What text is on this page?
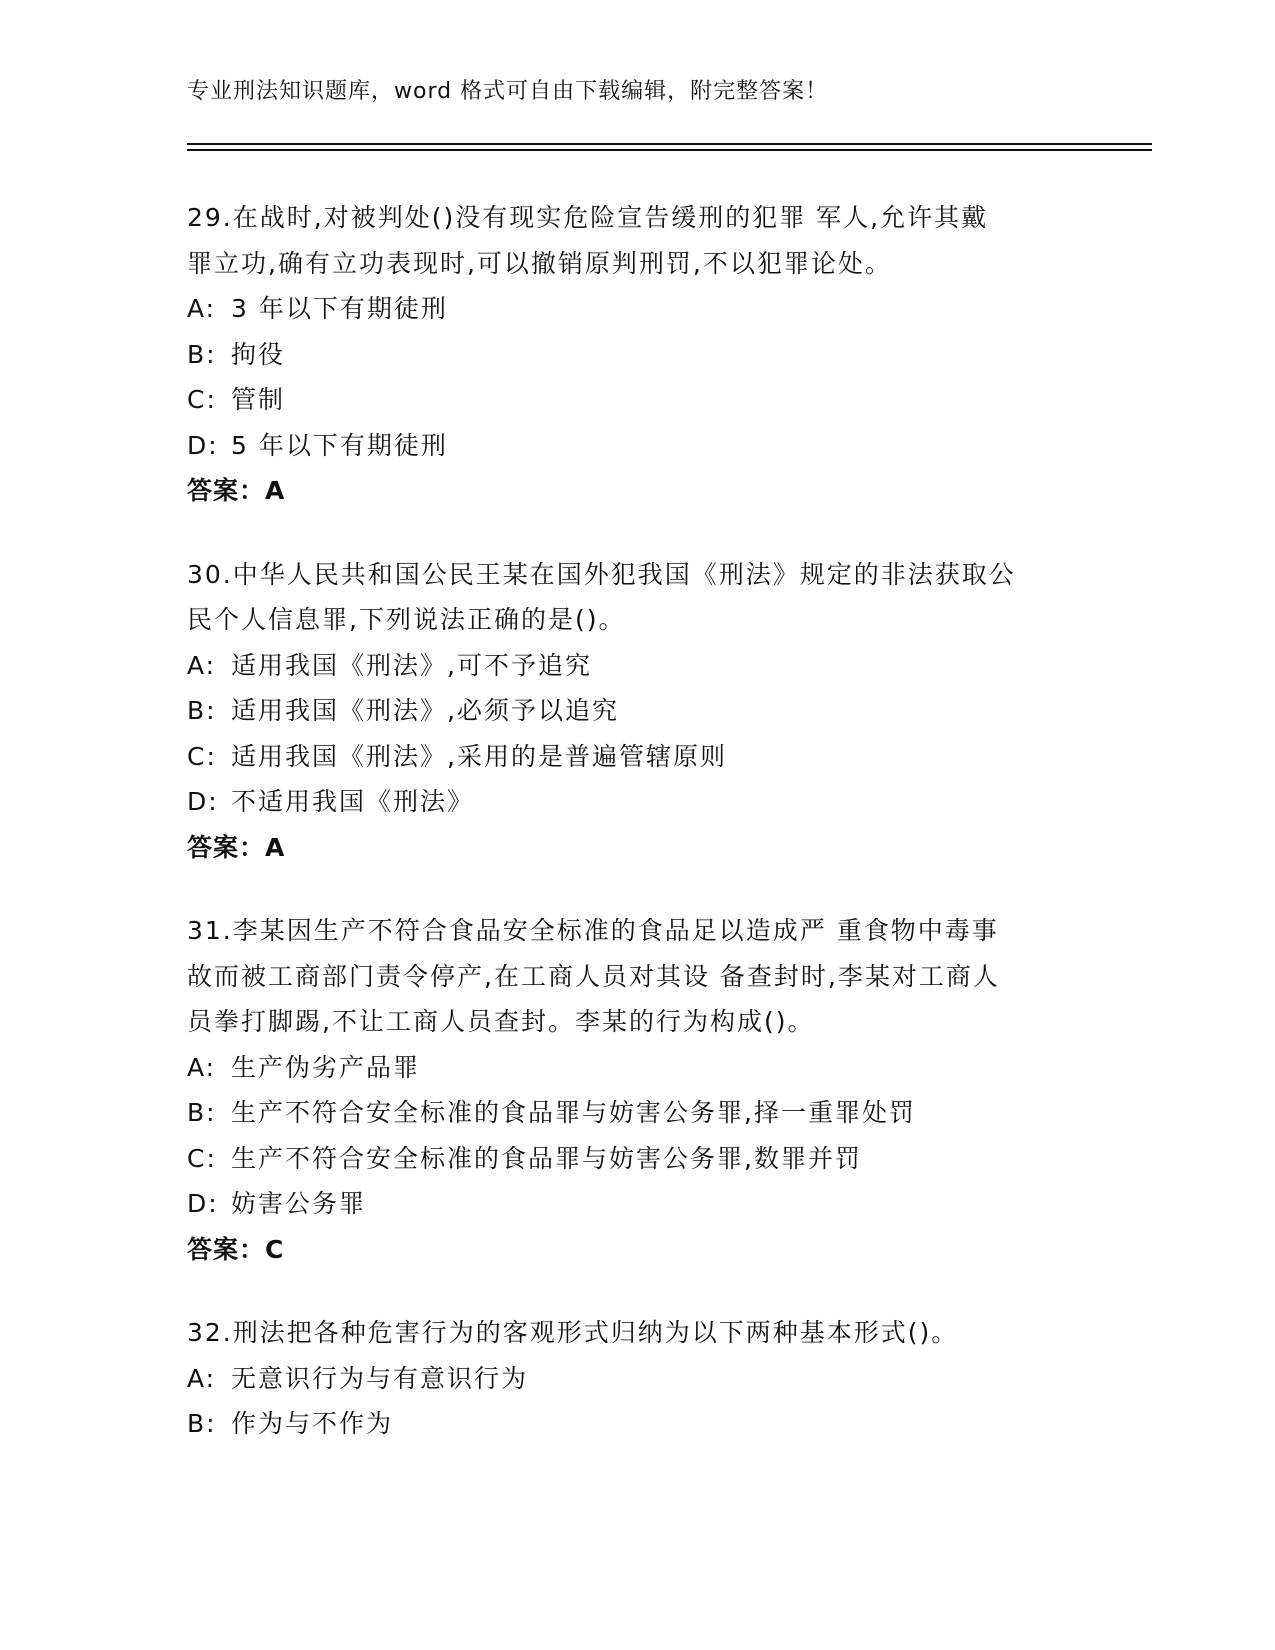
专业刑法知识题库，word 格式可自由下载编辑，附完整答案！

29.在战时,对被判处()没有现实危险宣告缓刑的犯罪 军人,允许其戴

罪立功,确有立功表现时,可以撤销原判刑罚,不以犯罪论处。

A: 3 年以下有期徒刑

B: 拘役

C: 管制

D: 5 年以下有期徒刑

答案：A

30.中华人民共和国公民王某在国外犯我国《刑法》规定的非法获取公

民个人信息罪,下列说法正确的是()。

A: 适用我国《刑法》,可不予追究

B: 适用我国《刑法》,必须予以追究

C: 适用我国《刑法》,采用的是普遍管辖原则

D: 不适用我国《刑法》

答案：A

31.李某因生产不符合食品安全标准的食品足以造成严 重食物中毒事

故而被工商部门责令停产,在工商人员对其设 备查封时,李某对工商人

员拳打脚踢,不让工商人员查封。李某的行为构成()。

A: 生产伪劣产品罪

B: 生产不符合安全标准的食品罪与妨害公务罪,择一重罪处罚

C: 生产不符合安全标准的食品罪与妨害公务罪,数罪并罚

D: 妨害公务罪

答案：C

32.刑法把各种危害行为的客观形式归纳为以下两种基本形式()。

A: 无意识行为与有意识行为

B: 作为与不作为
